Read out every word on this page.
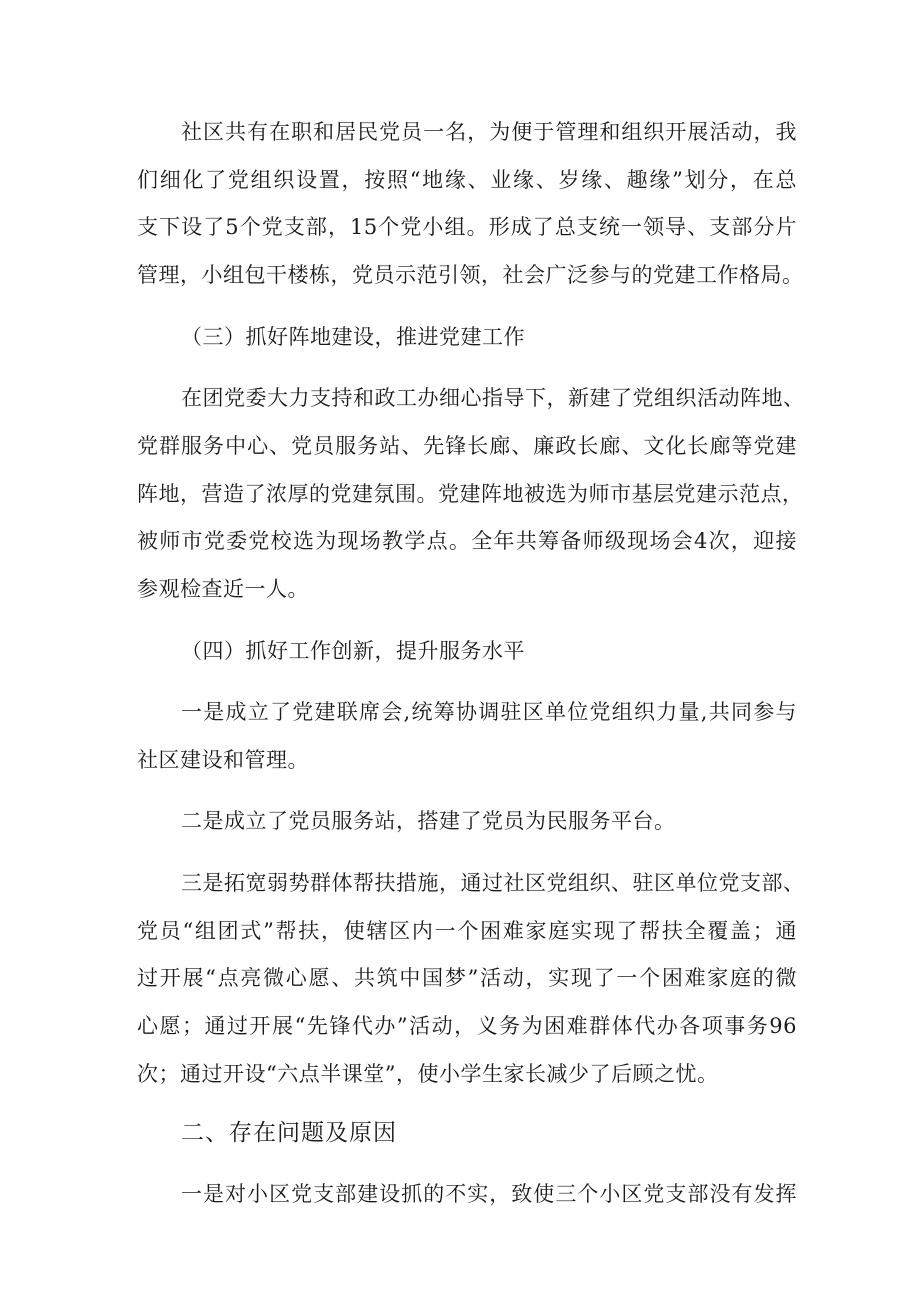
社区共有在职和居民党员一名，为便于管理和组织开展活动，我
们细化了党组织设置，按照“地缘、业缘、岁缘、趣缘”划分，在总
支下设了5个党支部，15个党小组。形成了总支统一领导、支部分片
管理，小组包干楼栋，党员示范引领，社会广泛参与的党建工作格局。
（三）抓好阵地建设，推进党建工作
在团党委大力支持和政工办细心指导下，新建了党组织活动阵地、
党群服务中心、党员服务站、先锋长廊、廉政长廊、文化长廊等党建
阵地，营造了浓厚的党建氛围。党建阵地被选为师市基层党建示范点，
被师市党委党校选为现场教学点。全年共筹备师级现场会4次，迎接
参观检查近一人。
（四）抓好工作创新，提升服务水平
一是成立了党建联席会,统筹协调驻区单位党组织力量,共同参与
社区建设和管理。
二是成立了党员服务站，搭建了党员为民服务平台。
三是拓宽弱势群体帮扶措施，通过社区党组织、驻区单位党支部、
党员“组团式”帮扶，使辖区内一个困难家庭实现了帮扶全覆盖；通
过开展“点亮微心愿、共筑中国梦”活动，实现了一个困难家庭的微
心愿；通过开展“先锋代办”活动，义务为困难群体代办各项事务96
次；通过开设“六点半课堂”，使小学生家长减少了后顾之忧。
二、存在问题及原因
一是对小区党支部建设抓的不实，致使三个小区党支部没有发挥
